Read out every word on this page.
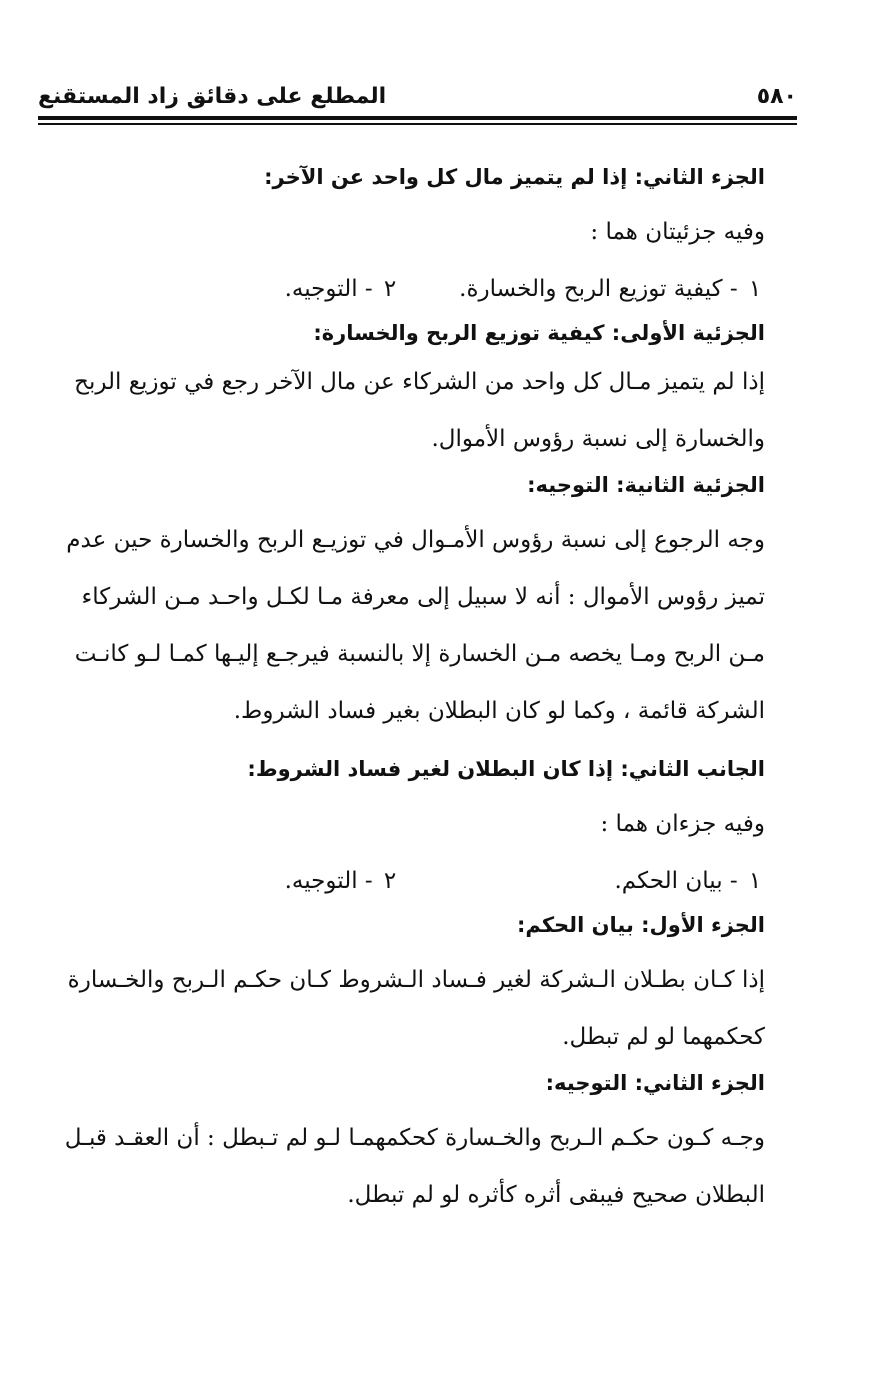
المطلع على دقائق زاد المستقنع	٥٨٠

الجزء الثاني: إذا لم يتميز مال كل واحد عن الآخر:

وفيه جزئيتان هما :

١ - كيفية توزيع الربح والخسارة.
٢ - التوجيه.

الجزئية الأولى: كيفية توزيع الربح والخسارة:

إذا لم يتميز مـال كل واحد من الشركاء عن مال الآخر رجع في توزيع الربح والخسارة إلى نسبة رؤوس الأموال.

الجزئية الثانية: التوجيه:

وجه الرجوع إلى نسبة رؤوس الأمـوال في توزيـع الربح والخسارة حين عدم تميز رؤوس الأموال : أنه لا سبيل إلى معرفة مـا لكـل واحـد مـن الشركاء مـن الربح ومـا يخصه مـن الخسارة إلا بالنسبة فيرجـع إليـها كمـا لـو كانـت الشركة قائمة ، وكما لو كان البطلان بغير فساد الشروط.

الجانب الثاني: إذا كان البطلان لغير فساد الشروط:

وفيه جزءان هما :

١ - بيان الحكم.
٢ - التوجيه.

الجزء الأول: بيان الحكم:

إذا كـان بطـلان الـشركة لغير فـساد الـشروط كـان حكـم الـربح والخـسارة كحكمهما لو لم تبطل.

الجزء الثاني: التوجيه:

وجـه كـون حكـم الـربح والخـسارة كحكمهمـا لـو لم تـبطل : أن العقـد قبـل البطلان صحيح فيبقى أثره كأثره لو لم تبطل.
